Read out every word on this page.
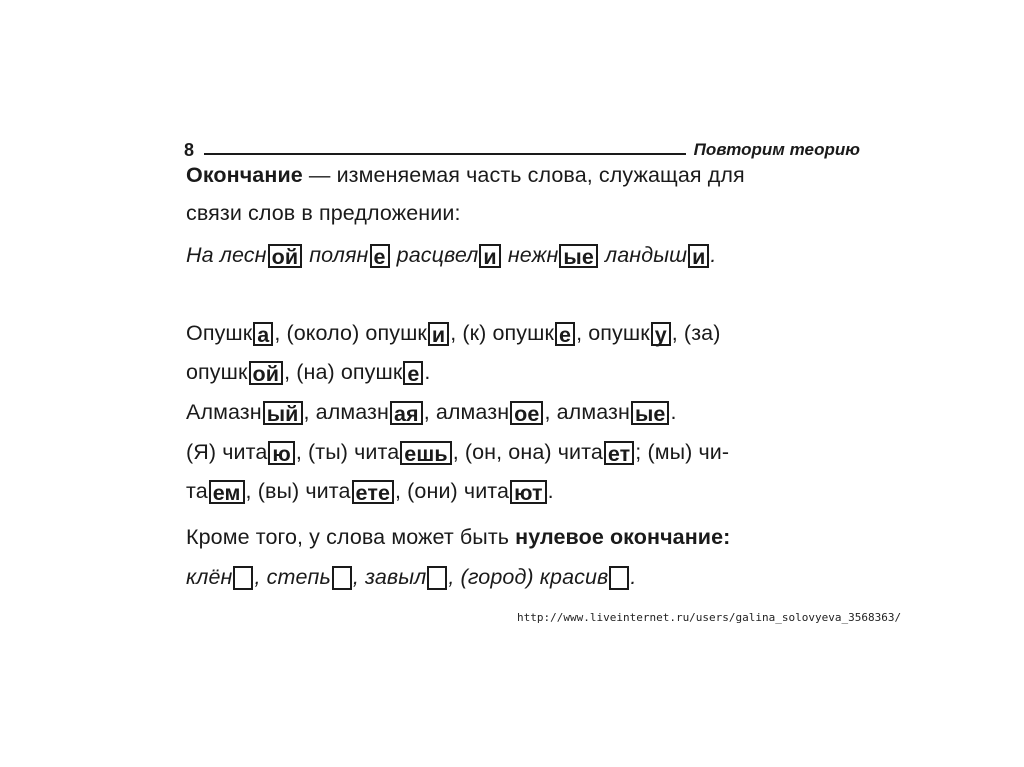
8	Повторим теорию
Окончание — изменяемая часть слова, служащая для
связи слов в предложении:
На лесн ой полян е расцвел и нежн ые ландыш и .
Опушк а , (около) опушк и , (к) опушк е , опушк у , (за)
опушк ой , (на) опушк е .
Алмазн ый , алмазн ая , алмазн ое , алмазн ые .
(Я) чита ю , (ты) чита ешь , (он, она) чита ет ; (мы) чи-
та ем , (вы) чита ете , (они) чита ют .
Кроме того, у слова может быть нулевое окончание:
клён , степь , завыл , (город) красив .
http://www.liveinternet.ru/users/galina_solovyeva_3568363/
